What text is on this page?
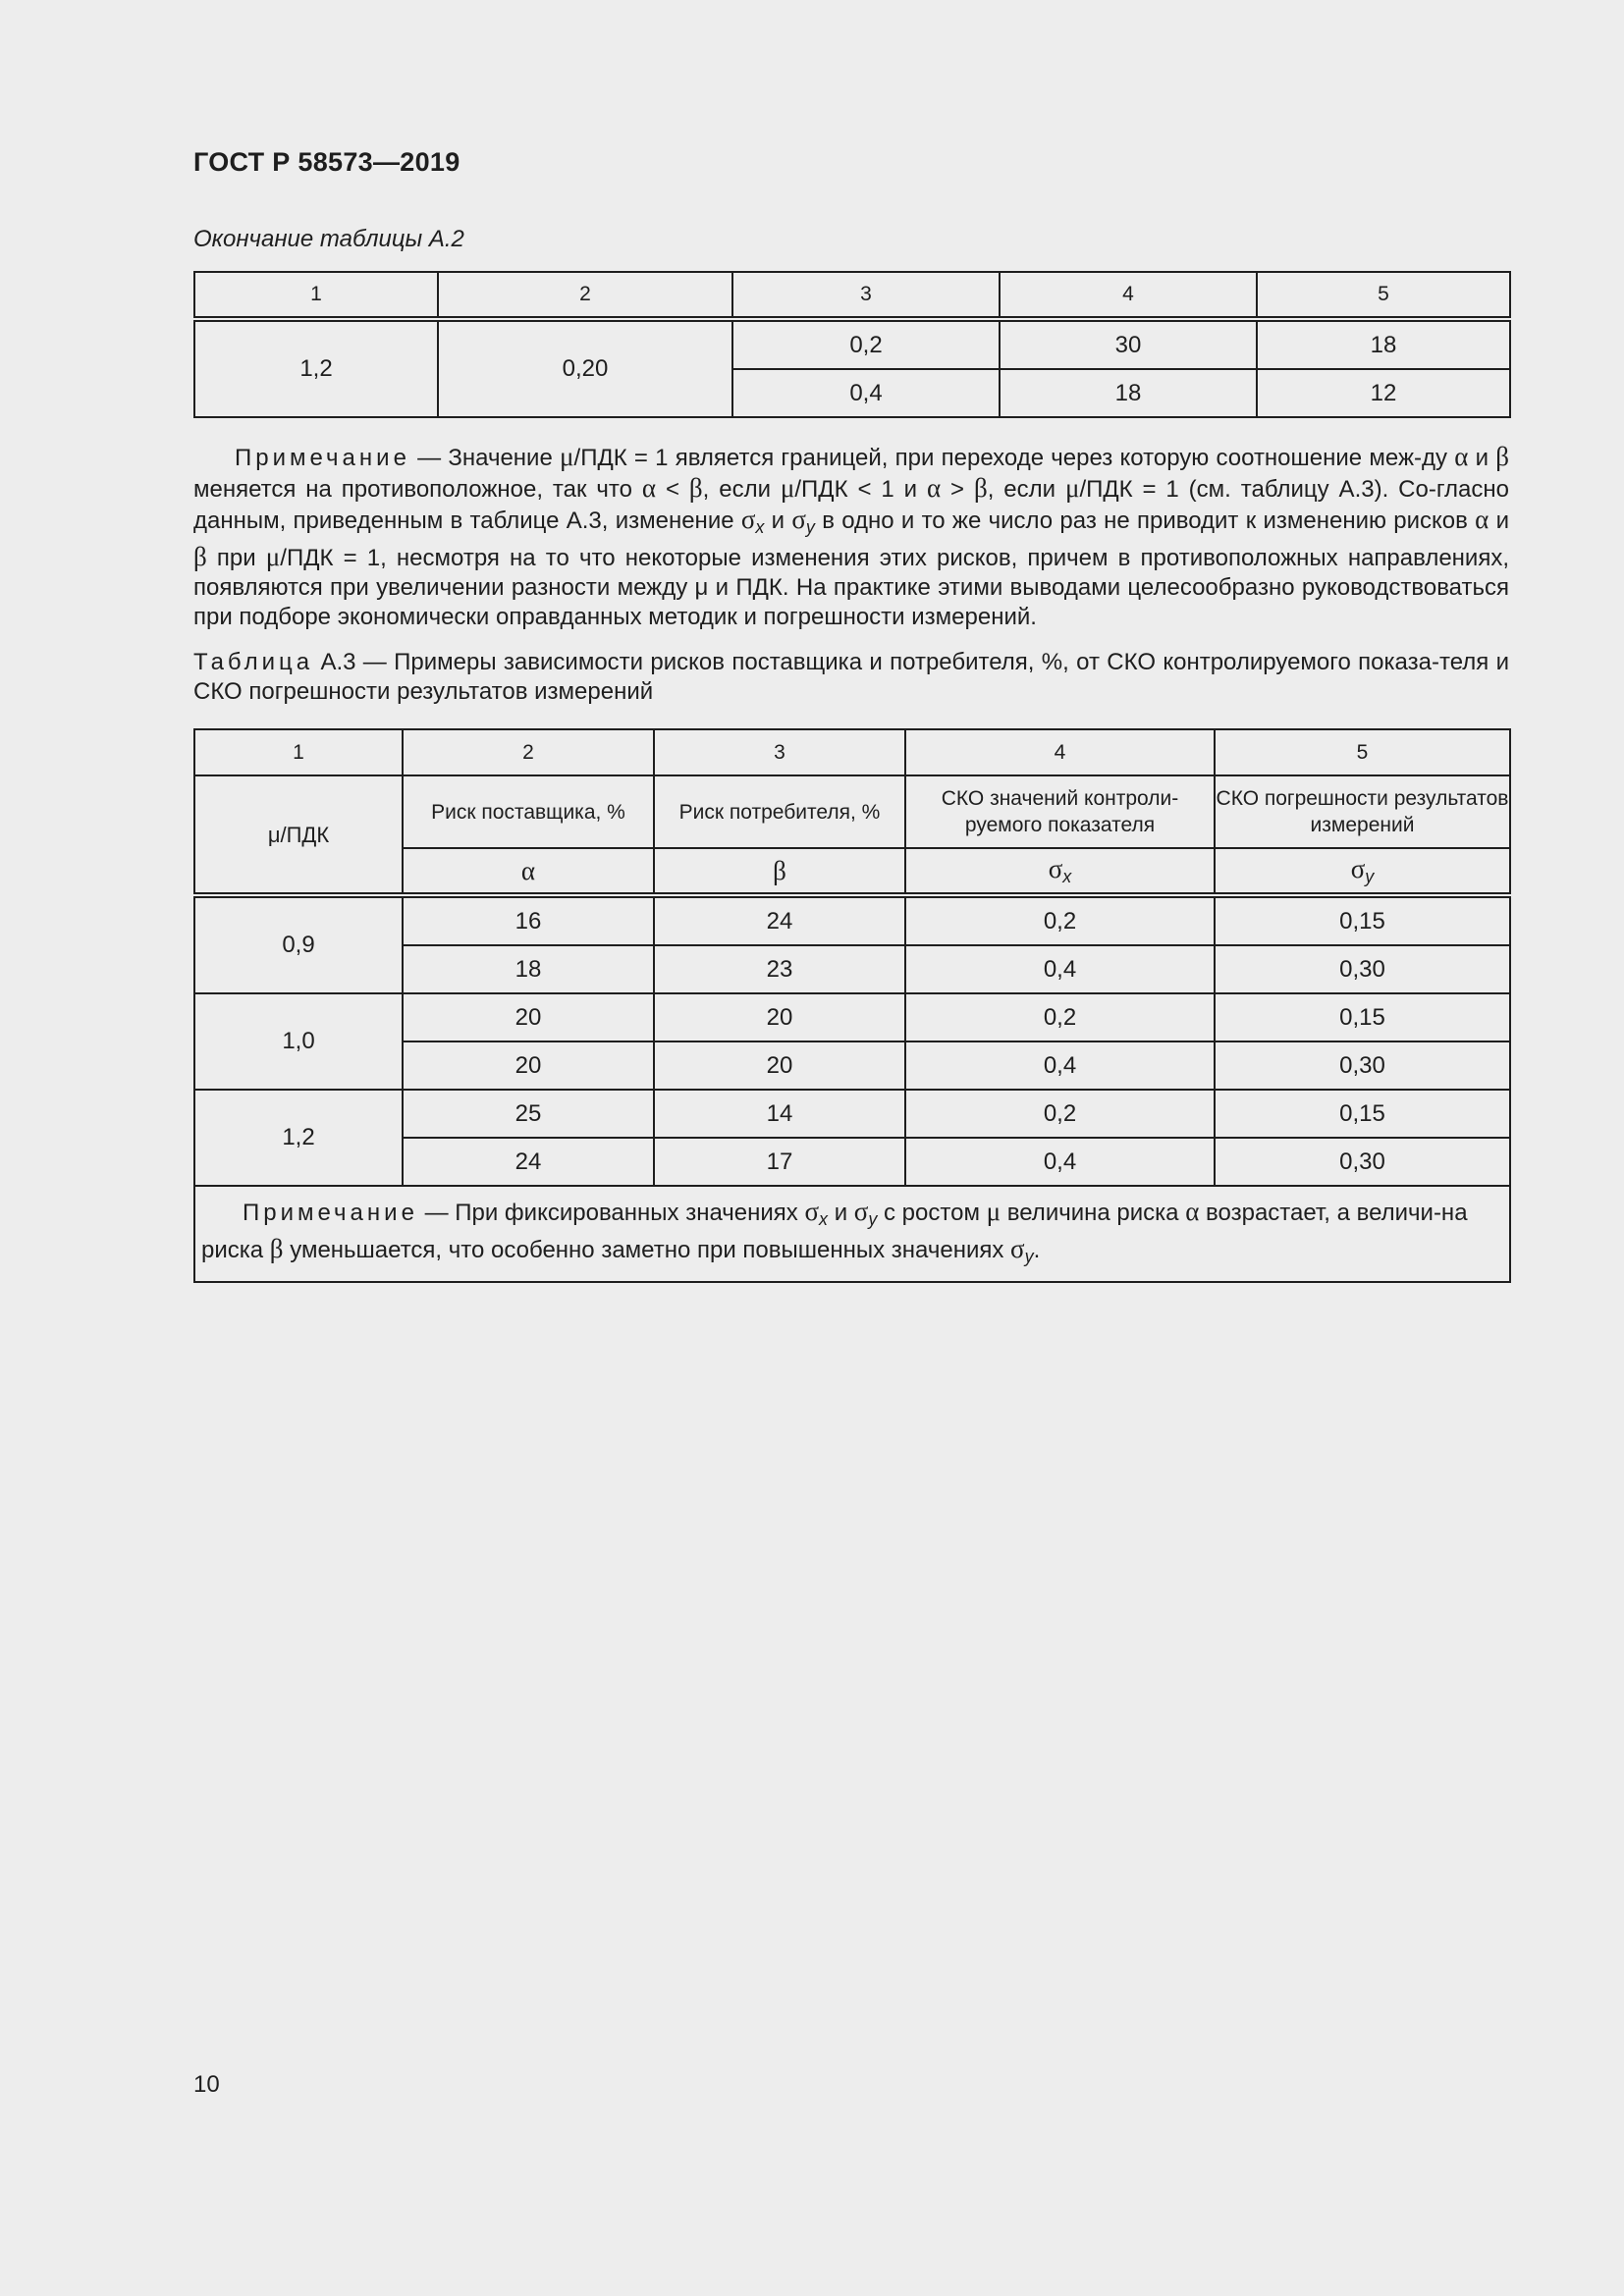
ГОСТ Р 58573—2019
Окончание таблицы А.2
1	2	3	4	5
1,2	0,20	0,2	30	18
		0,4	18	12
Примечание — Значение μ/ПДК = 1 является границей, при переходе через которую соотношение меж-ду α и β меняется на противоположное, так что α < β, если μ/ПДК < 1 и α > β, если μ/ПДК = 1 (см. таблицу А.3). Со-гласно данным, приведенным в таблице А.3, изменение $\sigma_x$ и $\sigma_y$ в одно и то же число раз не приводит к изменению рисков α и β при μ/ПДК = 1, несмотря на то что некоторые изменения этих рисков, причем в противоположных направлениях, появляются при увеличении разности между μ и ПДК. На практике этими выводами целесообразно руководствоваться при подборе экономически оправданных методик и погрешности измерений.
Таблица А.3 — Примеры зависимости рисков поставщика и потребителя, %, от СКО контролируемого показа-теля и СКО погрешности результатов измерений
1	2	3	4	5
μ/ПДК	Риск поставщика, %	Риск потребителя, %	СКО значений контроли-руемого показателя	СКО погрешности результатов измерений
	α	β	$\sigma_x$	$\sigma_y$
0,9	16	24	0,2	0,15
	18	23	0,4	0,30
1,0	20	20	0,2	0,15
	20	20	0,4	0,30
1,2	25	14	0,2	0,15
	24	17	0,4	0,30
Примечание — При фиксированных значениях $\sigma_x$ и $\sigma_y$ с ростом μ величина риска α возрастает, а величи-на риска β уменьшается, что особенно заметно при повышенных значениях $\sigma_y$.				
10
